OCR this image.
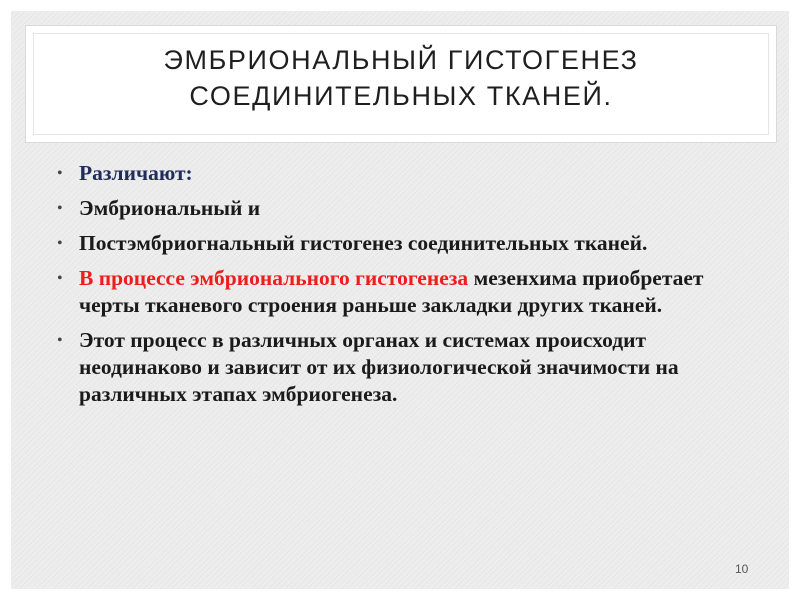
ЭМБРИОНАЛЬНЫЙ ГИСТОГЕНЕЗ
СОЕДИНИТЕЛЬНЫХ ТКАНЕЙ.
• Различают:
• Эмбриональный и
• Постэмбриогнальный гистогенез соединительных тканей.
• В процессе эмбрионального гистогенеза мезенхима приобретает черты тканевого строения раньше закладки других тканей.
• Этот процесс в различных органах и системах происходит неодинаково и зависит от их физиологической значимости на различных этапах эмбриогенеза.
10
